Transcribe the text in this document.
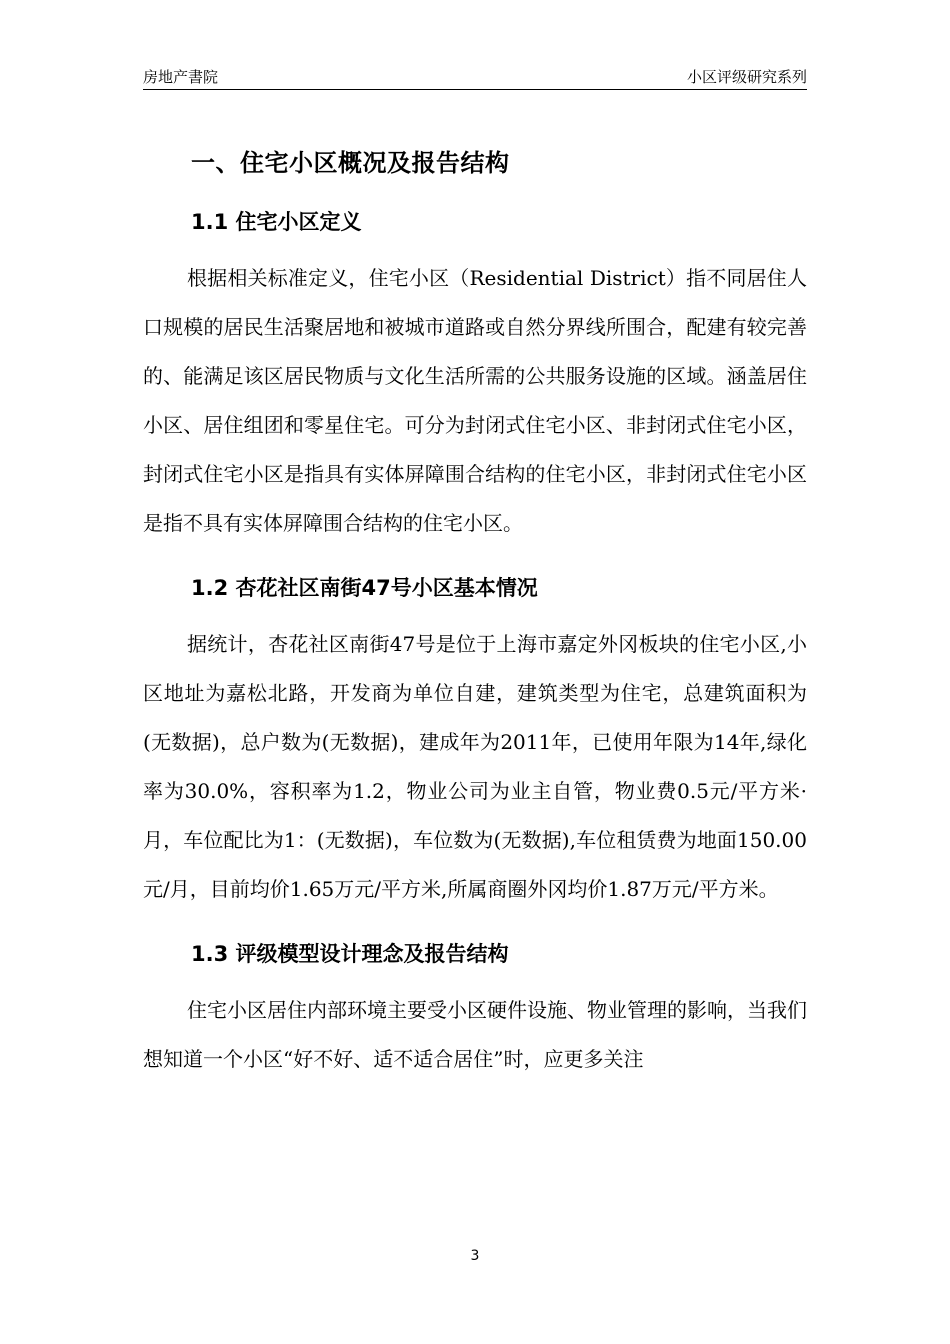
房地产書院	小区评级研究系列
一、住宅小区概况及报告结构
1.1 住宅小区定义

根据相关标准定义，住宅小区（Residential District）指不同居住人口规模的居民生活聚居地和被城市道路或自然分界线所围合，配建有较完善的、能满足该区居民物质与文化生活所需的公共服务设施的区域。涵盖居住小区、居住组团和零星住宅。可分为封闭式住宅小区、非封闭式住宅小区，封闭式住宅小区是指具有实体屏障围合结构的住宅小区，非封闭式住宅小区是指不具有实体屏障围合结构的住宅小区。

1.2 杏花社区南街47号小区基本情况

据统计，杏花社区南街47号是位于上海市嘉定外冈板块的住宅小区,小区地址为嘉松北路，开发商为单位自建，建筑类型为住宅，总建筑面积为(无数据)，总户数为(无数据)，建成年为2011年，已使用年限为14年,绿化率为30.0%，容积率为1.2，物业公司为业主自管，物业费0.5元/平方米·月，车位配比为1：(无数据)，车位数为(无数据),车位租赁费为地面150.00元/月，目前均价1.65万元/平方米,所属商圈外冈均价1.87万元/平方米。

1.3 评级模型设计理念及报告结构

住宅小区居住内部环境主要受小区硬件设施、物业管理的影响，当我们想知道一个小区“好不好、适不适合居住”时，应更多关注

3
